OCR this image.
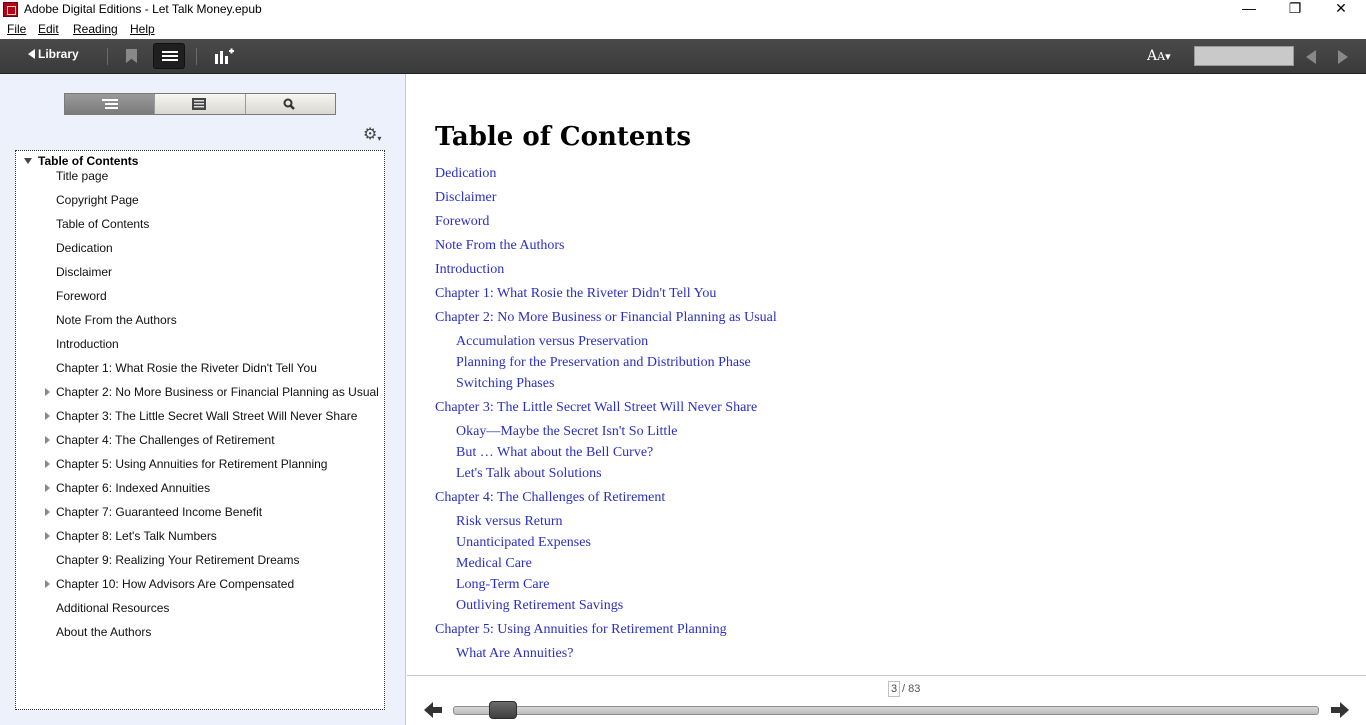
Adobe Digital Editions - Let Talk Money.epub	—	❐	✕
File Edit Reading Help
Library	AA▾
⚙▾
Table of Contents
Title page
Copyright Page
Table of Contents
Dedication
Disclaimer
Foreword
Note From the Authors
Introduction
Chapter 1: What Rosie the Riveter Didn't Tell You
Chapter 2: No More Business or Financial Planning as Usual
Chapter 3: The Little Secret Wall Street Will Never Share
Chapter 4: The Challenges of Retirement
Chapter 5: Using Annuities for Retirement Planning
Chapter 6: Indexed Annuities
Chapter 7: Guaranteed Income Benefit
Chapter 8: Let's Talk Numbers
Chapter 9: Realizing Your Retirement Dreams
Chapter 10: How Advisors Are Compensated
Additional Resources
About the Authors
Table of Contents
Dedication
Disclaimer
Foreword
Note From the Authors
Introduction
Chapter 1: What Rosie the Riveter Didn't Tell You
Chapter 2: No More Business or Financial Planning as Usual
Accumulation versus Preservation
Planning for the Preservation and Distribution Phase
Switching Phases
Chapter 3: The Little Secret Wall Street Will Never Share
Okay—Maybe the Secret Isn't So Little
But … What about the Bell Curve?
Let's Talk about Solutions
Chapter 4: The Challenges of Retirement
Risk versus Return
Unanticipated Expenses
Medical Care
Long-Term Care
Outliving Retirement Savings
Chapter 5: Using Annuities for Retirement Planning
What Are Annuities?
3 / 83
